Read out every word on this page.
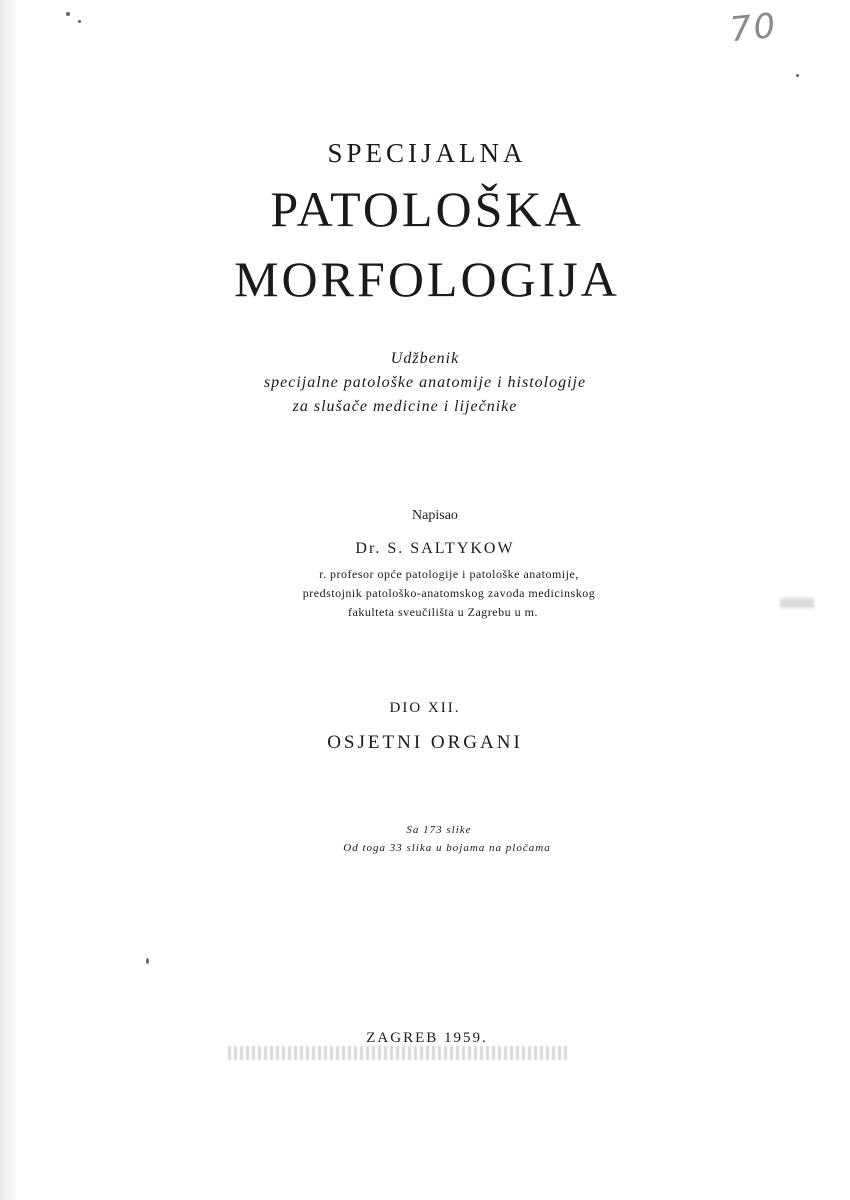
70
SPECIJALNA
PATOLOŠKA
MORFOLOGIJA
Udžbenik
specijalne patološke anatomije i histologije
za slušače medicine i liječnike
Napisao
Dr. S. SALTYKOW
r. profesor opće patologije i patološke anatomije,
predstojnik patološko-anatomskog zavoda medicinskog
fakulteta sveučilišta u Zagrebu u m.
DIO XII.
OSJETNI ORGANI
Sa 173 slike
Od toga 33 slika u bojama na pločama
ZAGREB 1959.
